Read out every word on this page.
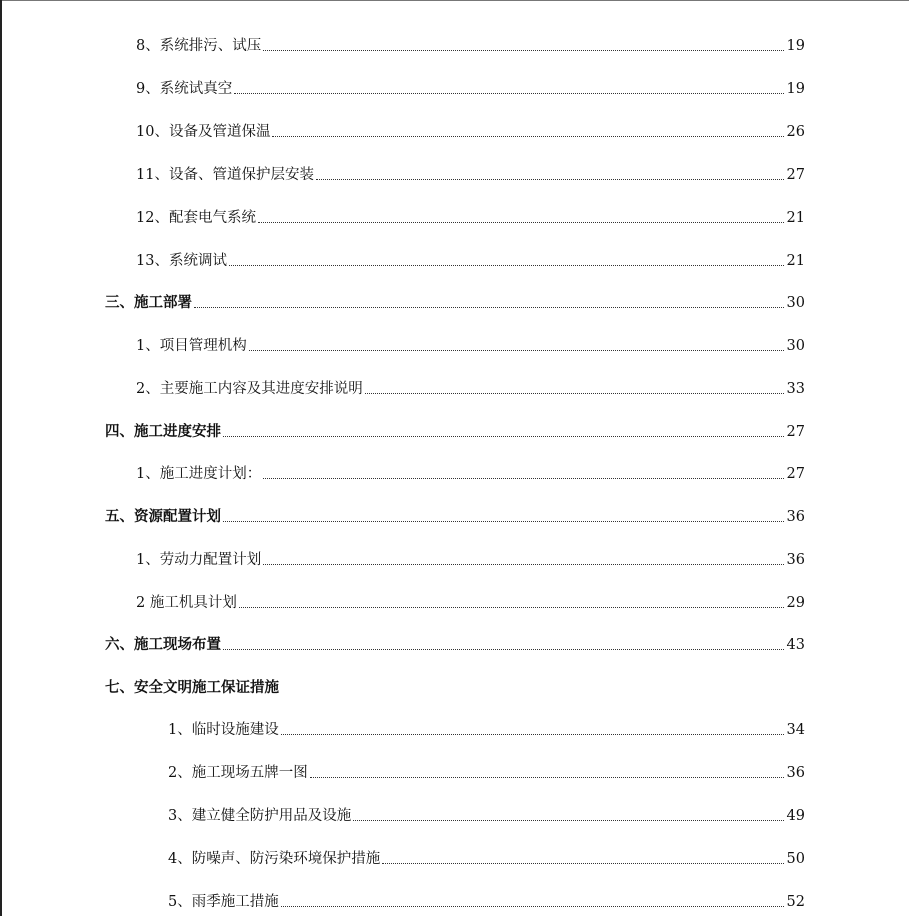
8、系统排污、试压	19
9、系统试真空	19
10、设备及管道保温	26
11、设备、管道保护层安装	27
12、配套电气系统	21
13、系统调试	21
三、施工部署	30
1、项目管理机构	30
2、主要施工内容及其进度安排说明	33
四、施工进度安排	27
1、施工进度计划：	27
五、资源配置计划	36
1、劳动力配置计划	36
2 施工机具计划	29
六、施工现场布置	43
七、安全文明施工保证措施
1、临时设施建设	34
2、施工现场五牌一图	36
3、建立健全防护用品及设施	49
4、防噪声、防污染环境保护措施	50
5、雨季施工措施	52
